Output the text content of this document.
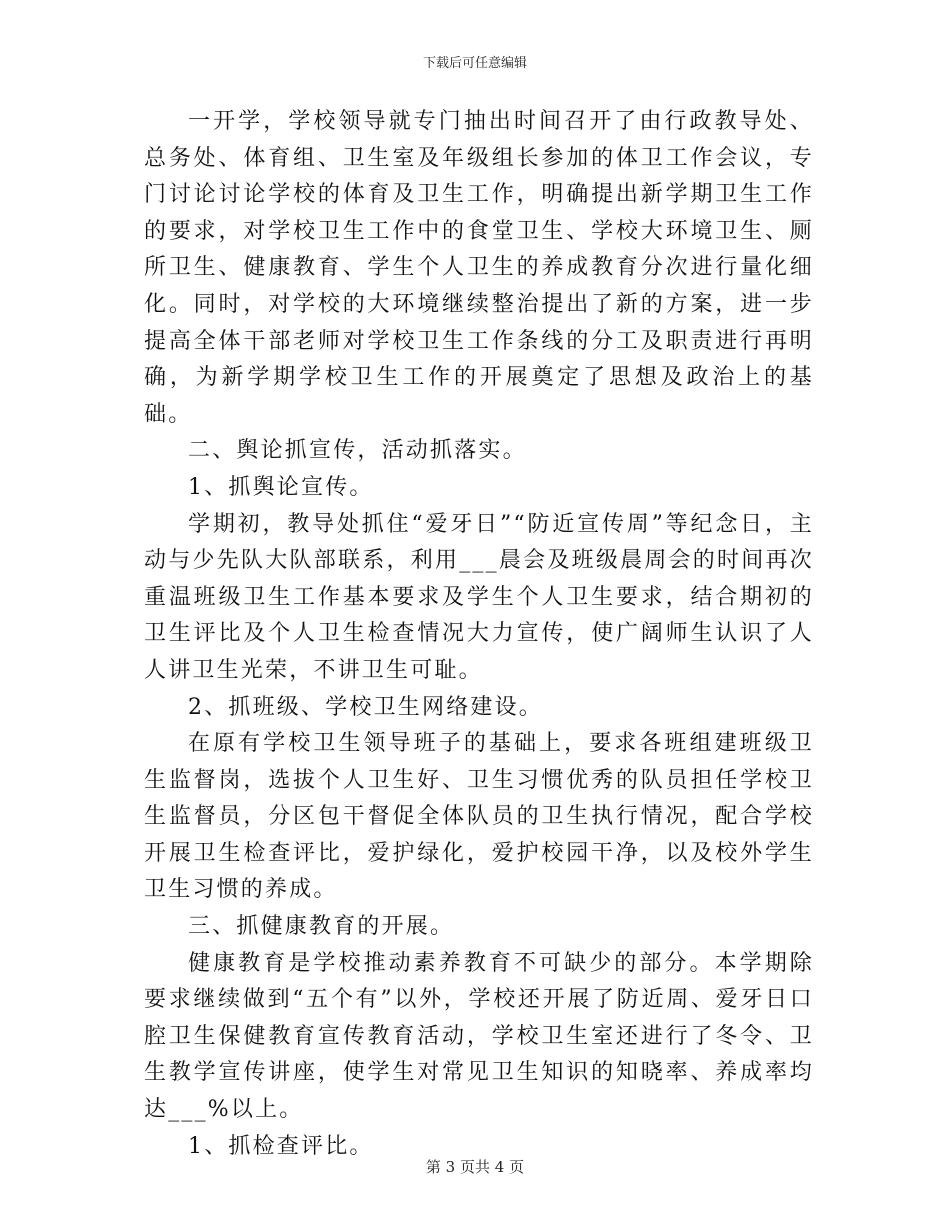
下载后可任意编辑

一开学，学校领导就专门抽出时间召开了由行政教导处、总务处、体育组、卫生室及年级组长参加的体卫工作会议，专门讨论讨论学校的体育及卫生工作，明确提出新学期卫生工作的要求，对学校卫生工作中的食堂卫生、学校大环境卫生、厕所卫生、健康教育、学生个人卫生的养成教育分次进行量化细化。同时，对学校的大环境继续整治提出了新的方案，进一步提高全体干部老师对学校卫生工作条线的分工及职责进行再明确，为新学期学校卫生工作的开展奠定了思想及政治上的基础。

二、舆论抓宣传，活动抓落实。

1、抓舆论宣传。

学期初，教导处抓住“爱牙日”“防近宣传周”等纪念日，主动与少先队大队部联系，利用___晨会及班级晨周会的时间再次重温班级卫生工作基本要求及学生个人卫生要求，结合期初的卫生评比及个人卫生检查情况大力宣传，使广阔师生认识了人人讲卫生光荣，不讲卫生可耻。

2、抓班级、学校卫生网络建设。

在原有学校卫生领导班子的基础上，要求各班组建班级卫生监督岗，选拔个人卫生好、卫生习惯优秀的队员担任学校卫生监督员，分区包干督促全体队员的卫生执行情况，配合学校开展卫生检查评比，爱护绿化，爱护校园干净，以及校外学生卫生习惯的养成。

三、抓健康教育的开展。

健康教育是学校推动素养教育不可缺少的部分。本学期除要求继续做到“五个有”以外，学校还开展了防近周、爱牙日口腔卫生保健教育宣传教育活动，学校卫生室还进行了冬令、卫生教学宣传讲座，使学生对常见卫生知识的知晓率、养成率均达___%以上。

1、抓检查评比。

第 3 页共 4 页
